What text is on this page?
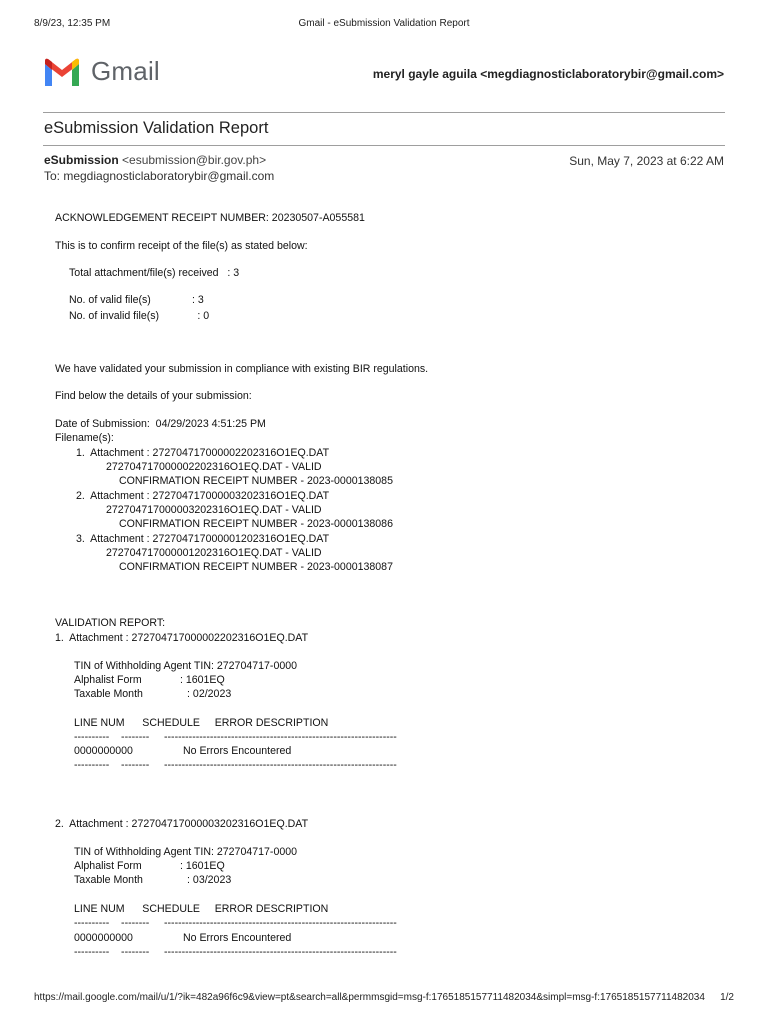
8/9/23, 12:35 PM	Gmail - eSubmission Validation Report
Gmail	meryl gayle aguila <megdiagnosticlaboratorybir@gmail.com>
eSubmission Validation Report
eSubmission <esubmission@bir.gov.ph>
To: megdiagnosticlaboratorybir@gmail.com
Sun, May 7, 2023 at 6:22 AM
ACKNOWLEDGEMENT RECEIPT NUMBER: 20230507-A055581
This is to confirm receipt of the file(s) as stated below:
Total attachment/file(s) received   : 3
No. of valid file(s)              : 3
No. of invalid file(s)             : 0
We have validated your submission in compliance with existing BIR regulations.
Find below the details of your submission:
Date of Submission:  04/29/2023 4:51:25 PM
Filename(s):
1.  Attachment : 272704717000002202316O1EQ.DAT
272704717000002202316O1EQ.DAT - VALID
CONFIRMATION RECEIPT NUMBER - 2023-0000138085
2.  Attachment : 272704717000003202316O1EQ.DAT
272704717000003202316O1EQ.DAT - VALID
CONFIRMATION RECEIPT NUMBER - 2023-0000138086
3.  Attachment : 272704717000001202316O1EQ.DAT
272704717000001202316O1EQ.DAT - VALID
CONFIRMATION RECEIPT NUMBER - 2023-0000138087
VALIDATION REPORT:
1.  Attachment : 272704717000002202316O1EQ.DAT
TIN of Withholding Agent TIN: 272704717-0000
Alphalist Form             : 1601EQ
Taxable Month               : 02/2023
LINE NUM      SCHEDULE     ERROR DESCRIPTION
----------    --------     ------------------------------------------------------------------
0000000000                 No Errors Encountered
----------    --------     ------------------------------------------------------------------
2.  Attachment : 272704717000003202316O1EQ.DAT
TIN of Withholding Agent TIN: 272704717-0000
Alphalist Form             : 1601EQ
Taxable Month               : 03/2023
LINE NUM      SCHEDULE     ERROR DESCRIPTION
----------    --------     ------------------------------------------------------------------
0000000000                 No Errors Encountered
----------    --------     ------------------------------------------------------------------
https://mail.google.com/mail/u/1/?ik=482a96f6c9&view=pt&search=all&permmsgid=msg-f:1765185157711482034&simpl=msg-f:1765185157711482034 1/2
